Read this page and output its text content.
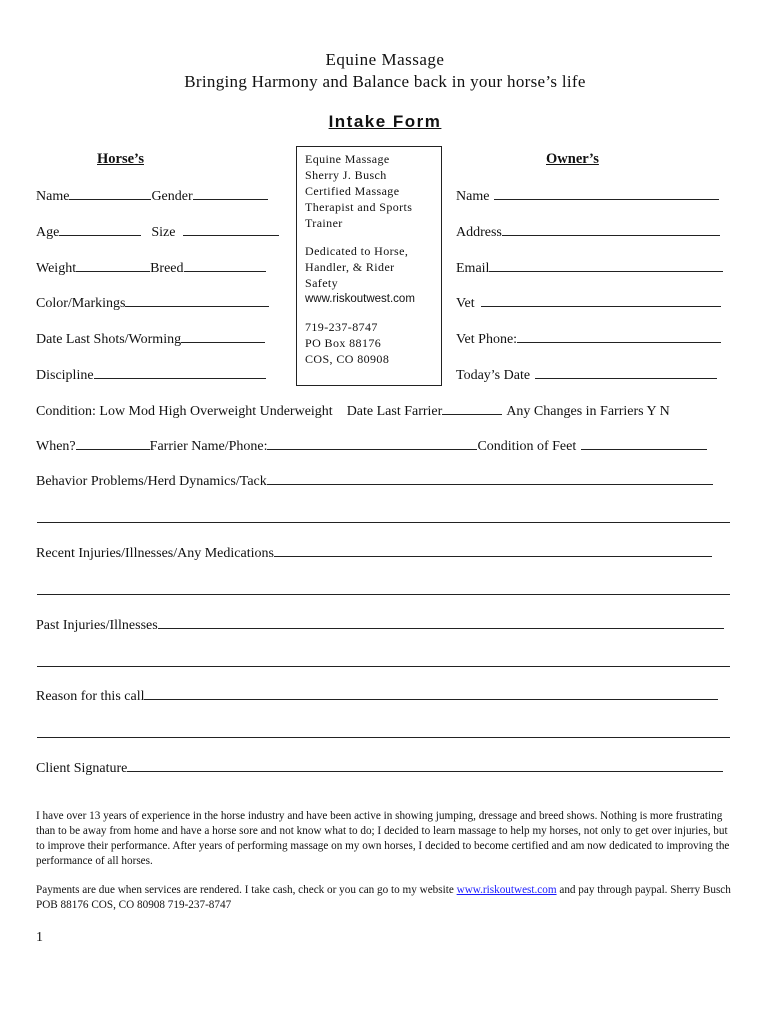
Equine Massage
Bringing Harmony and Balance back in your horse’s life
Intake Form
Horse’s	Owner’s
Name	Gender
Age	Size
Weight	Breed
Color/Markings
Date Last Shots/Worming
Discipline
Equine Massage
Sherry J. Busch
Certified Massage
Therapist and Sports
Trainer
Dedicated to Horse,
Handler, & Rider
Safety
www.riskoutwest.com
719-237-8747
PO Box 88176
COS, CO 80908
Name
Address
Email
Vet
Vet Phone:
Today’s Date
Condition: Low Mod High Overweight Underweight Date Last Farrier	Any Changes in Farriers Y N
When?	Farrier Name/Phone:	Condition of Feet
Behavior Problems/Herd Dynamics/Tack
Recent Injuries/Illnesses/Any Medications
Past Injuries/Illnesses
Reason for this call
Client Signature
I have over 13 years of experience in the horse industry and have been active in showing jumping, dressage and breed shows. Nothing is more frustrating than to be away from home and have a horse sore and not know what to do; I decided to learn massage to help my horses, not only to get over injuries, but to improve their performance. After years of performing massage on my own horses, I decided to become certified and am now dedicated to improving the performance of all horses.
Payments are due when services are rendered. I take cash, check or you can go to my website www.riskoutwest.com and pay through paypal. Sherry Busch POB 88176 COS, CO 80908 719-237-8747
1
